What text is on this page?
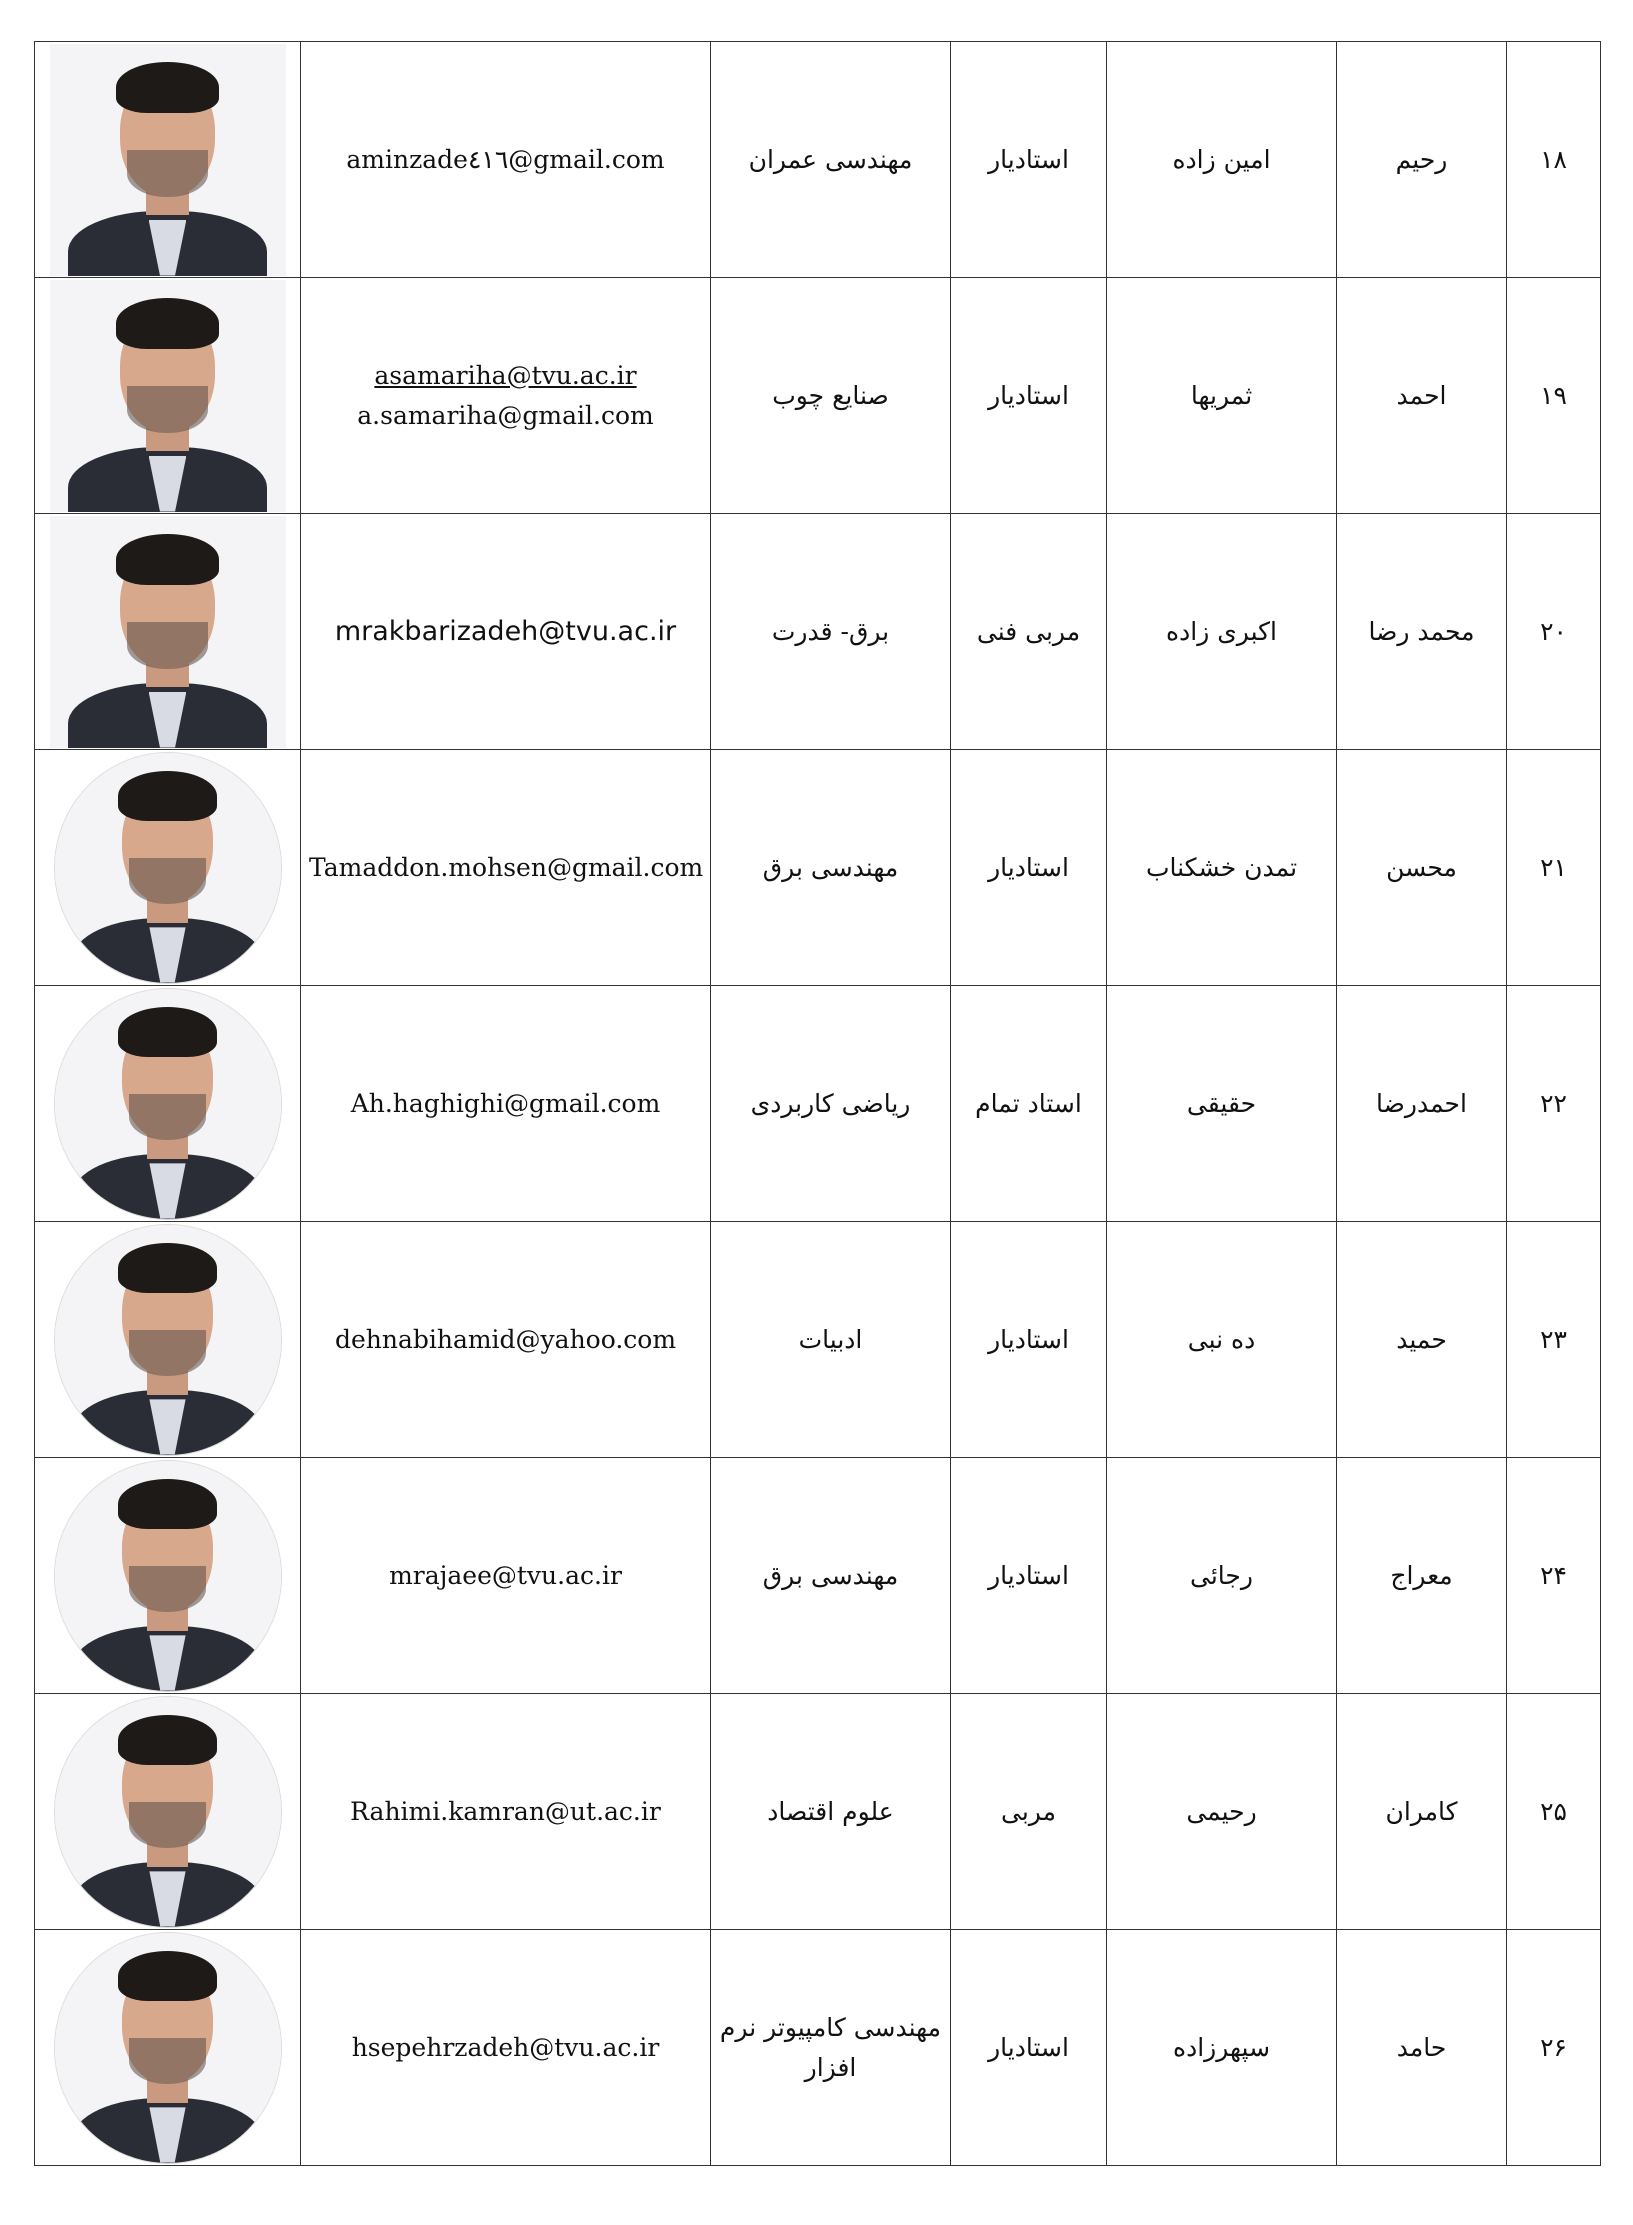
۱۸	رحیم	امین زاده	استادیار	مهندسی عمران	aminzade٤١٦@gmail.com	

۱۹	احمد	ثمریها	استادیار	صنایع چوب	asamariha@tvu.ac.ir
a.samariha@gmail.com	

۲۰	محمد رضا	اکبری زاده	مربی فنی	برق- قدرت	mrakbarizadeh@tvu.ac.ir	

۲۱	محسن	تمدن خشکناب	استادیار	مهندسی برق	Tamaddon.mohsen@gmail.com	

۲۲	احمدرضا	حقیقی	استاد تمام	ریاضی کاربردی	Ah.haghighi@gmail.com	

۲۳	حمید	ده نبی	استادیار	ادبیات	dehnabihamid@yahoo.com	

۲۴	معراج	رجائی	استادیار	مهندسی برق	mrajaee@tvu.ac.ir	

۲۵	کامران	رحیمی	مربی	علوم اقتصاد	Rahimi.kamran@ut.ac.ir	

۲۶	حامد	سپهرزاده	استادیار	مهندسی کامپیوتر نرم افزار	hsepehrzadeh@tvu.ac.ir	
